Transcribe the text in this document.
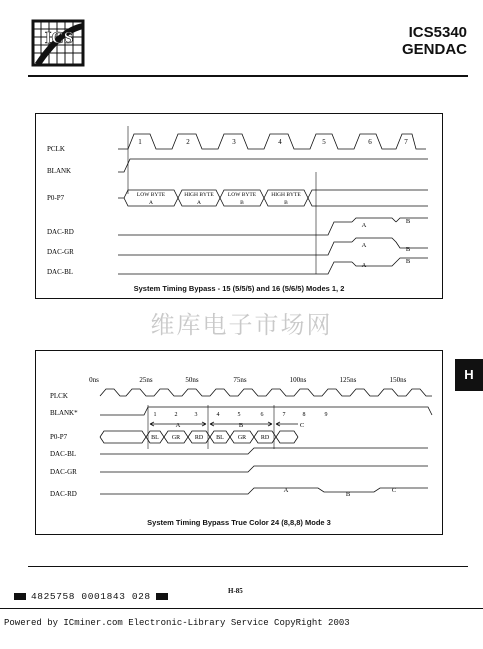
ICS	ICS5340
GENDAC
PCLK
BLANK
P0-P7
DAC-RD
DAC-GR
DAC-BL
1	2	3	4	5	6	7
LOW BYTE
A
HIGH BYTE
A
LOW BYTE
B
HIGH BYTE
B
A
B
A
B
A
B
System Timing Bypass - 15 (5/5/5) and 16 (5/6/5) Modes 1, 2
维库电子市场网
PLCK
BLANK*
P0-P7
DAC-BL
DAC-GR
DAC-RD
0ns	25ns	50ns	75ns	100ns	125ns	150ns
1	2	3	4	5	6	7	8	9
A	B	C
BL GR RD BL GR RD
A
B
C
System Timing Bypass True Color 24 (8,8,8) Mode 3
H
H-85
4825758 0001843 028
Powered by ICminer.com Electronic-Library Service CopyRight 2003
